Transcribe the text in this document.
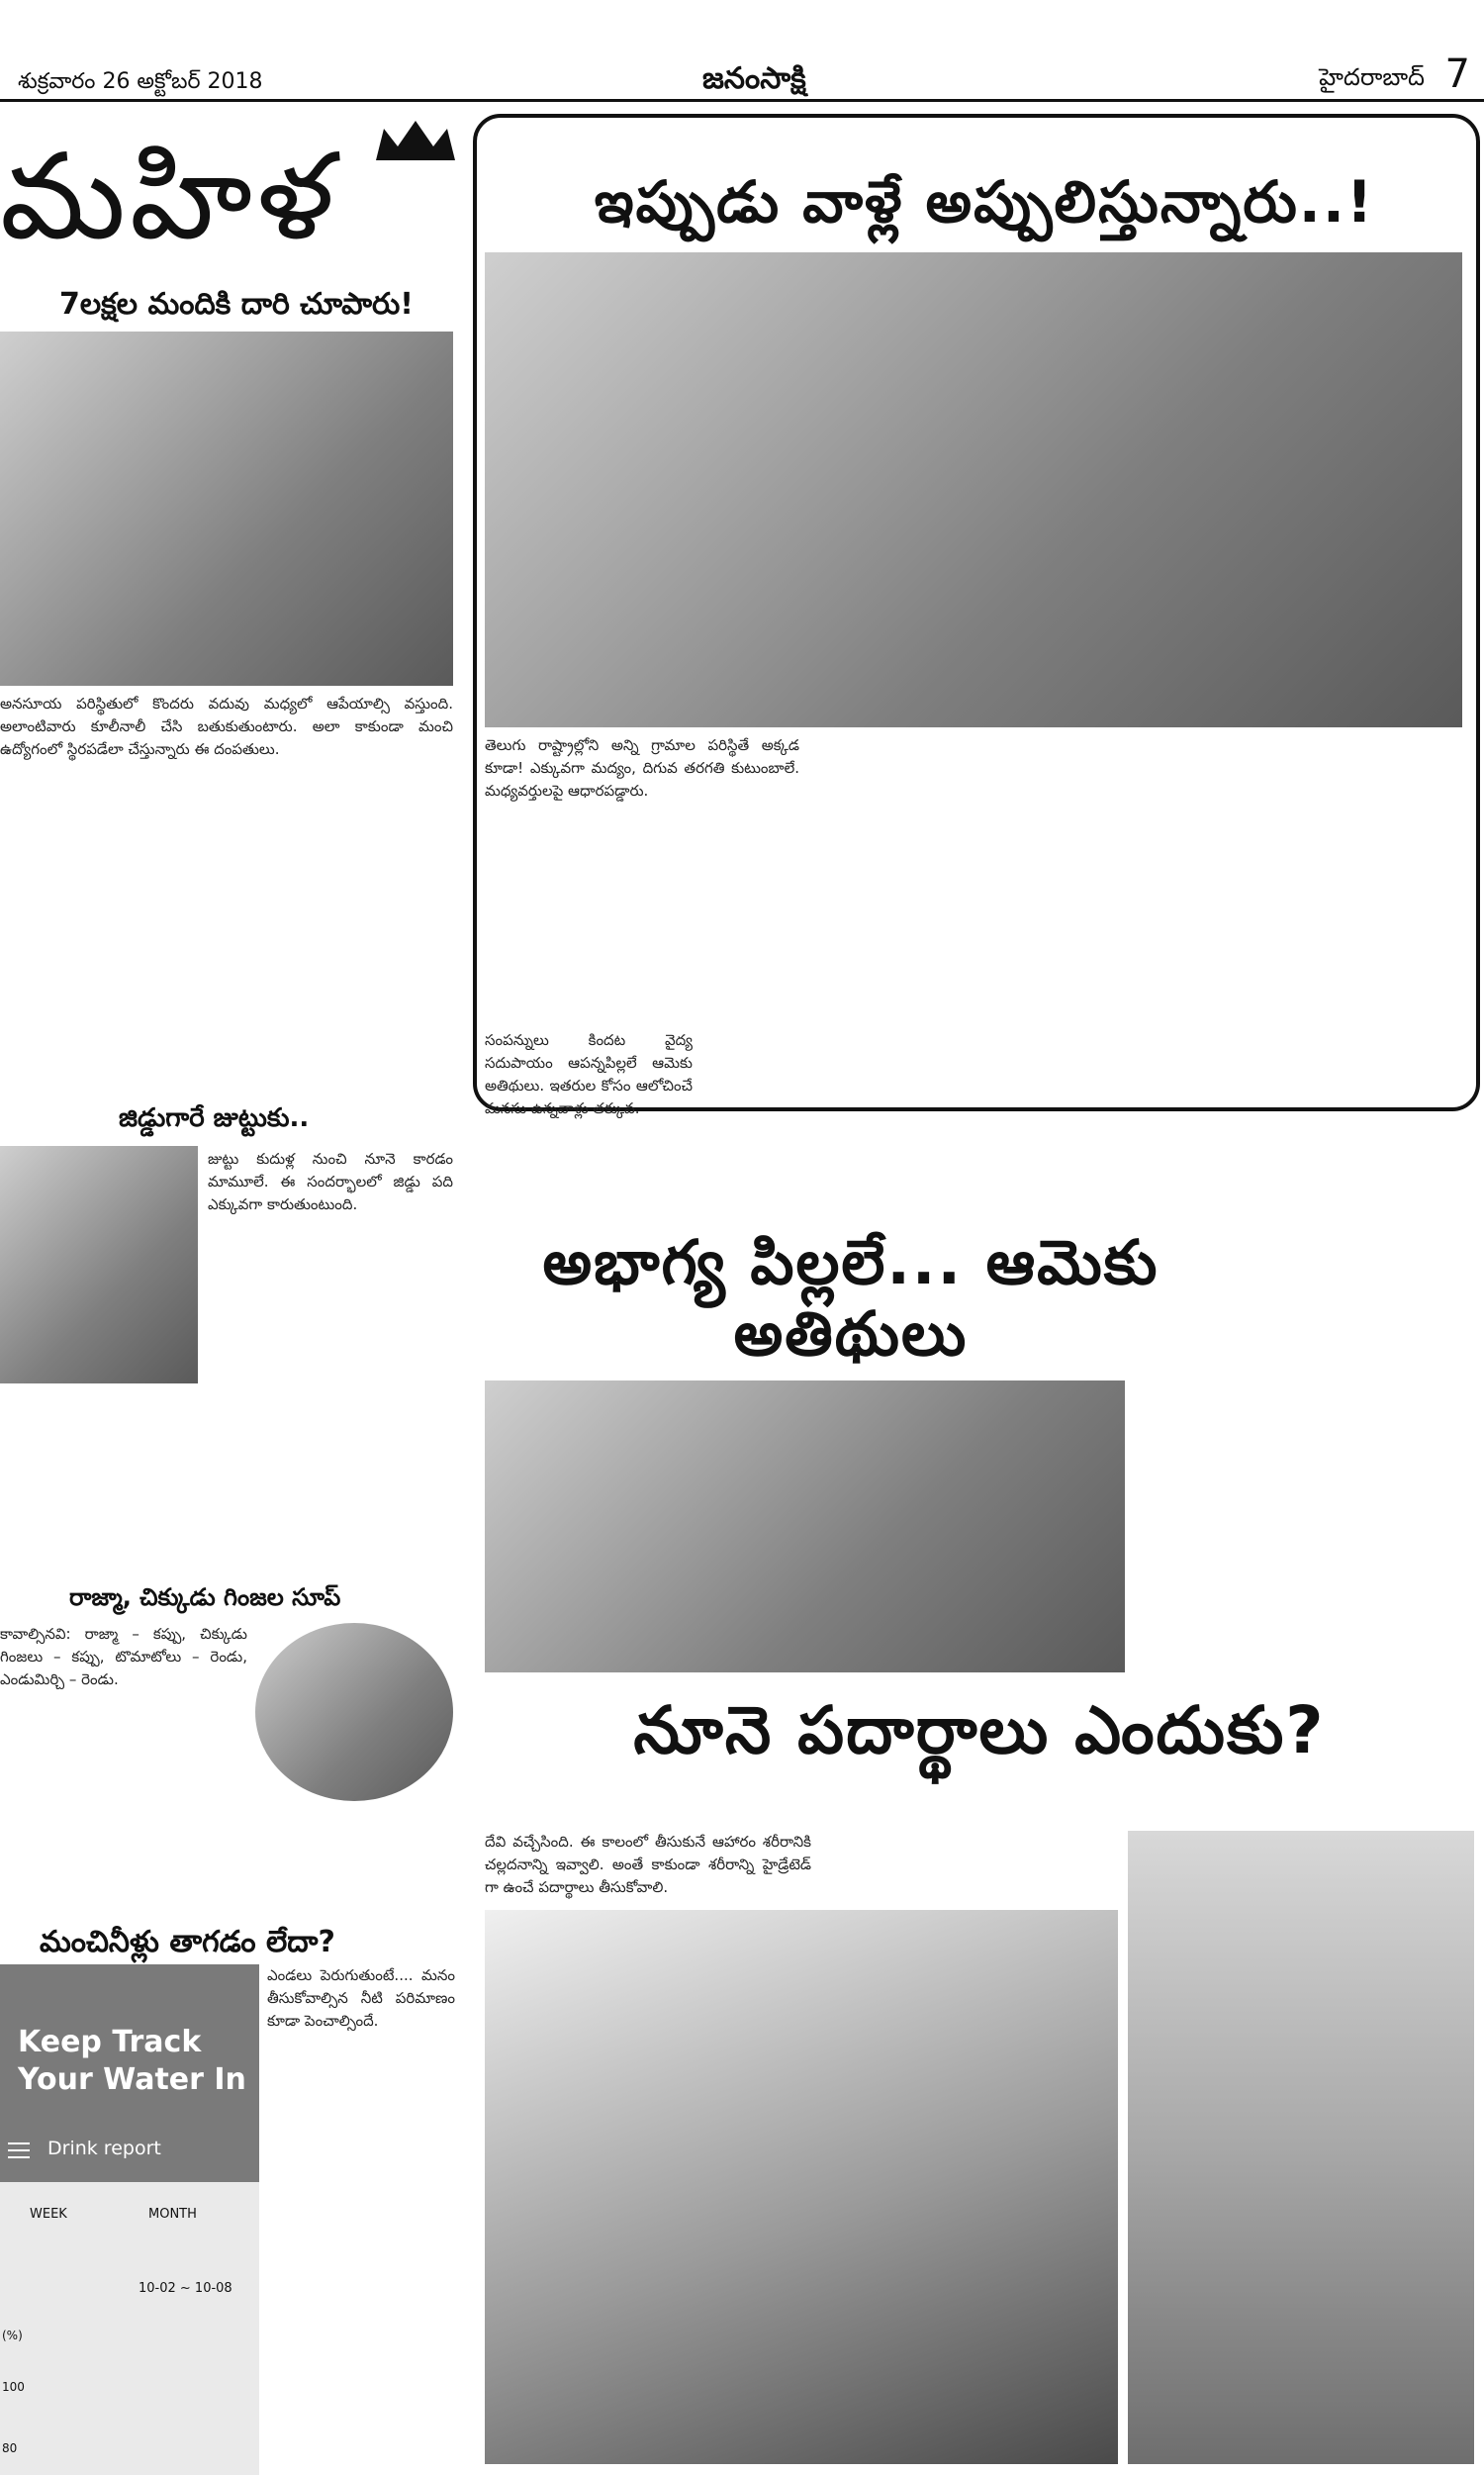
శుక్రవారం 26 అక్టోబర్ 2018	జనంసాక్షి	హైదరాబాద్ 7
మహిళ
7లక్షల మందికి దారి చూపారు!
అనసూయ పరిస్థితులో కొందరు వదువు మధ్యలో ఆపేయాల్సి వస్తుంది. అలాంటివారు కూలీనాలీ చేసి బతుకుతుంటారు. అలా కాకుండా మంచి ఉద్యోగంలో స్థిరపడేలా చేస్తున్నారు ఈ దంపతులు.
జిడ్డుగారే జుట్టుకు..
జుట్టు కుదుళ్ల నుంచి నూనె కారడం మామూలే. ఈ సందర్భాలలో జిడ్డు పది ఎక్కువగా కారుతుంటుంది.
రాజ్మా, చిక్కుడు గింజల సూప్
కావాల్సినవి: రాజ్మా – కప్పు, చిక్కుడు గింజలు – కప్పు, టొమాటోలు – రెండు, ఎండుమిర్చి – రెండు.
మంచినీళ్లు తాగడం లేదా?
Keep Track Your Water In
Drink report
WEEK	MONTH
10-02 ~ 10-08
(%)
100
80
ఎండలు పెరుగుతుంటే.... మనం తీసుకోవాల్సిన నీటి పరిమాణం కూడా పెంచాల్సిందే.
ఇప్పుడు వాళ్లే అప్పులిస్తున్నారు..!
తెలుగు రాష్ట్రాల్లోని అన్ని గ్రామాల పరిస్థితే అక్కడ కూడా! ఎక్కువగా మద్యం, దిగువ తరగతి కుటుంబాలే. మధ్యవర్తులపై ఆధారపడ్డారు.
సంపన్నులు కిందట వైద్య సదుపాయం ఆపన్నపిల్లలే ఆమెకు అతిథులు. ఇతరుల కోసం ఆలోచించే మనసు ఉన్నవాళ్లు తక్కువ.
అభాగ్య పిల్లలే... ఆమెకు అతిథులు
నూనె పదార్థాలు ఎందుకు?
దేవి వచ్చేసింది. ఈ కాలంలో తీసుకునే ఆహారం శరీరానికి చల్లదనాన్ని ఇవ్వాలి. అంతే కాకుండా శరీరాన్ని హైడ్రేటెడ్ గా ఉంచే పదార్థాలు తీసుకోవాలి.
